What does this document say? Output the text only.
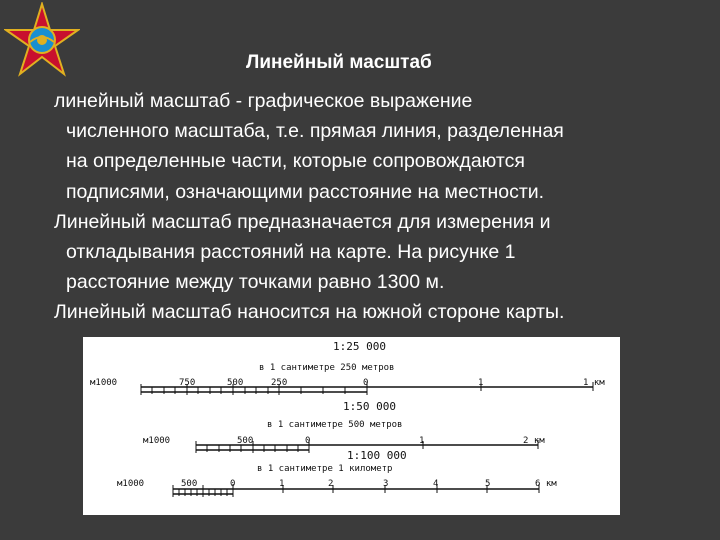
Линейный масштаб

линейный масштаб - графическое выражение
численного масштаба, т.е. прямая линия, разделенная
на определенные части, которые сопровождаются
подписями, означающими расстояние на местности.

Линейный масштаб предназначается для измерения и
откладывания расстояний на карте. На рисунке 1
расстояние между точками равно 1300 м.

Линейный масштаб наносится на южной стороне карты.

1:25 000
в 1 сантиметре 250 метров
м1000	750	500	250	0	1	1 км
1:50 000
в 1 сантиметре 500 метров
м1000	500	0	1	2 км
1:100 000
в 1 сантиметре 1 километр
м1000	500	0	1	2	3	4	5	6 км
